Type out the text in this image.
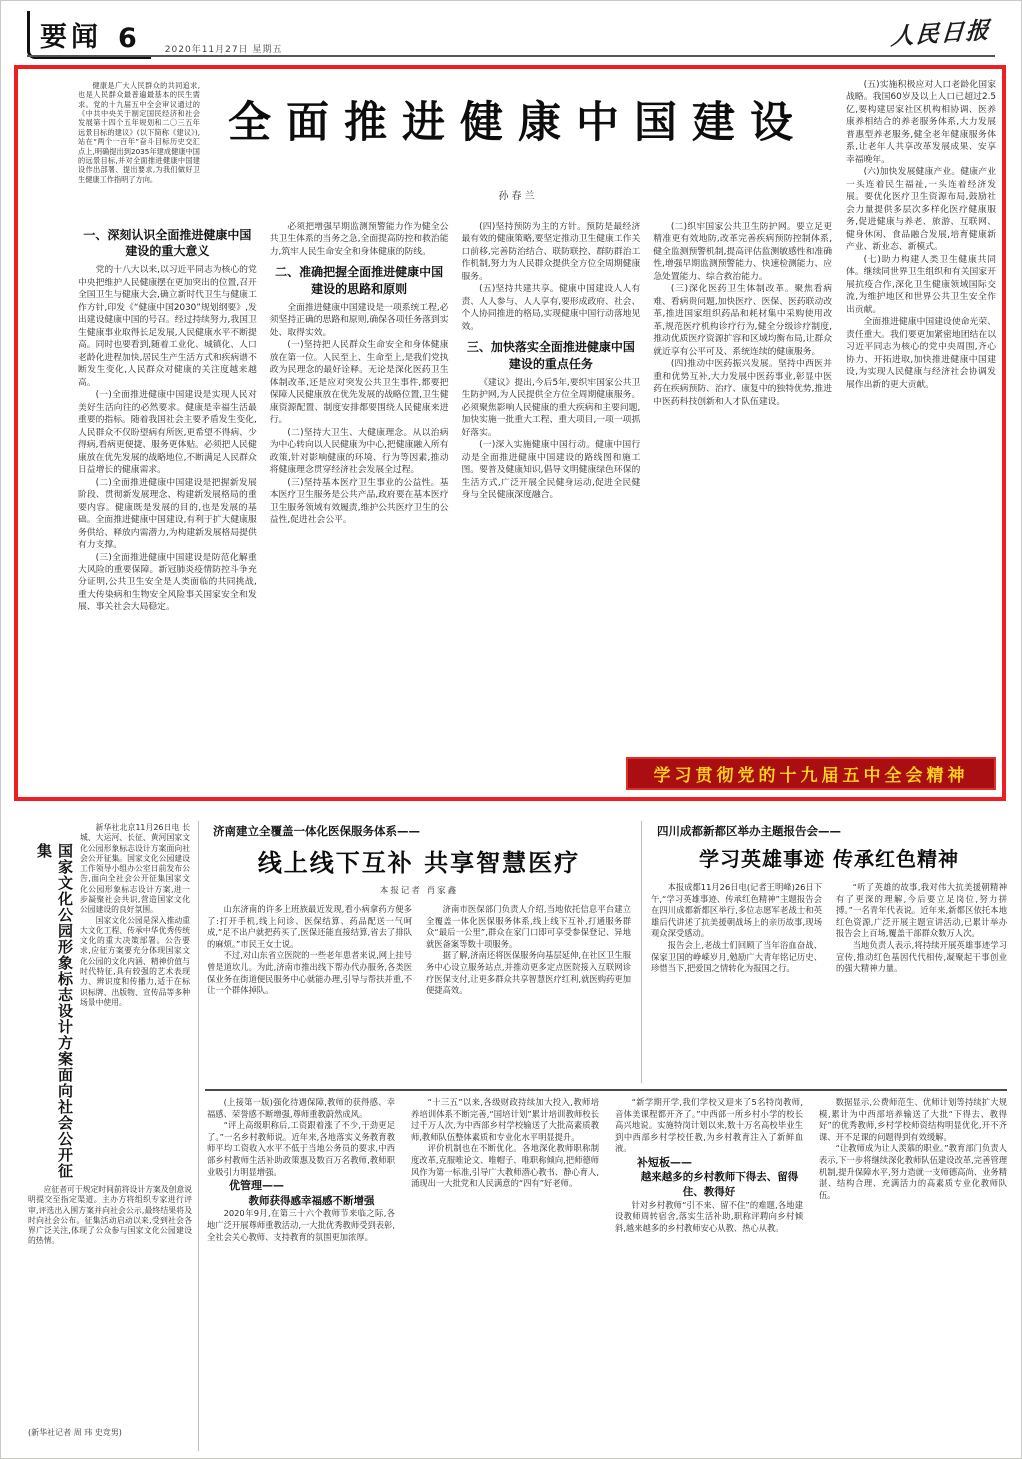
要闻 6	2020年11月27日 星期五	人民日报

健康是广大人民群众的共同追求,也是人民群众最普遍最基本的民生需求。党的十九届五中全会审议通过的《中共中央关于制定国民经济和社会发展第十四个五年规划和二〇三五年远景目标的建议》(以下简称《建议》),站在“两个一百年”奋斗目标历史交汇点上,明确提出到2035年建成健康中国的远景目标,并对全面推进健康中国建设作出部署、提出要求,为我们做好卫生健康工作指明了方向。

全面推进健康中国建设
孙春兰
一、深刻认识全面推进健康中国建设的重大意义

党的十八大以来,以习近平同志为核心的党中央把维护人民健康摆在更加突出的位置,召开全国卫生与健康大会,确立新时代卫生与健康工作方针,印发《“健康中国2030”规划纲要》,发出建设健康中国的号召。经过持续努力,我国卫生健康事业取得长足发展,人民健康水平不断提高。同时也要看到,随着工业化、城镇化、人口老龄化进程加快,居民生产生活方式和疾病谱不断发生变化,人民群众对健康的关注度越来越高。

(一)全面推进健康中国建设是实现人民对美好生活向往的必然要求。健康是幸福生活最重要的指标。随着我国社会主要矛盾发生变化,人民群众不仅盼望病有所医,更希望不得病、少得病,看病更便捷、服务更体贴。必须把人民健康放在优先发展的战略地位,不断满足人民群众日益增长的健康需求。

(二)全面推进健康中国建设是把握新发展阶段、贯彻新发展理念、构建新发展格局的重要内容。健康既是发展的目的,也是发展的基础。全面推进健康中国建设,有利于扩大健康服务供给、释放内需潜力,为构建新发展格局提供有力支撑。

(三)全面推进健康中国建设是防范化解重大风险的重要保障。新冠肺炎疫情防控斗争充分证明,公共卫生安全是人类面临的共同挑战,重大传染病和生物安全风险事关国家安全和发展、事关社会大局稳定。

必须把增强早期监测预警能力作为健全公共卫生体系的当务之急,全面提高防控和救治能力,筑牢人民生命安全和身体健康的防线。

二、准确把握全面推进健康中国建设的思路和原则

全面推进健康中国建设是一项系统工程,必须坚持正确的思路和原则,确保各项任务落到实处、取得实效。

(一)坚持把人民群众生命安全和身体健康放在第一位。人民至上、生命至上,是我们党执政为民理念的最好诠释。无论是深化医药卫生体制改革,还是应对突发公共卫生事件,都要把保障人民健康放在优先发展的战略位置,卫生健康资源配置、制度安排都要围绕人民健康来进行。

(二)坚持大卫生、大健康理念。从以治病为中心转向以人民健康为中心,把健康融入所有政策,针对影响健康的环境、行为等因素,推动将健康理念贯穿经济社会发展全过程。

(三)坚持基本医疗卫生事业的公益性。基本医疗卫生服务是公共产品,政府要在基本医疗卫生服务领域有效履责,维护公共医疗卫生的公益性,促进社会公平。

(四)坚持预防为主的方针。预防是最经济最有效的健康策略,要坚定推动卫生健康工作关口前移,完善防治结合、联防联控、群防群治工作机制,努力为人民群众提供全方位全周期健康服务。

(五)坚持共建共享。健康中国建设人人有责、人人参与、人人享有,要形成政府、社会、个人协同推进的格局,实现健康中国行动落地见效。

三、加快落实全面推进健康中国建设的重点任务

《建议》提出,今后5年,要织牢国家公共卫生防护网,为人民提供全方位全周期健康服务。必须聚焦影响人民健康的重大疾病和主要问题,加快实施一批重大工程、重大项目,一项一项抓好落实。

(一)深入实施健康中国行动。健康中国行动是全面推进健康中国建设的路线图和施工图。要普及健康知识,倡导文明健康绿色环保的生活方式,广泛开展全民健身运动,促进全民健身与全民健康深度融合。

(二)织牢国家公共卫生防护网。要立足更精准更有效地防,改革完善疾病预防控制体系,健全监测预警机制,提高评估监测敏感性和准确性,增强早期监测预警能力、快速检测能力、应急处置能力、综合救治能力。

(三)深化医药卫生体制改革。聚焦看病难、看病贵问题,加快医疗、医保、医药联动改革,推进国家组织药品和耗材集中采购使用改革,规范医疗机构诊疗行为,健全分级诊疗制度,推动优质医疗资源扩容和区域均衡布局,让群众就近享有公平可及、系统连续的健康服务。

(四)推动中医药振兴发展。坚持中西医并重和优势互补,大力发展中医药事业,彰显中医药在疾病预防、治疗、康复中的独特优势,推进中医药科技创新和人才队伍建设。

(五)实施积极应对人口老龄化国家战略。我国60岁及以上人口已超过2.5亿,要构建居家社区机构相协调、医养康养相结合的养老服务体系,大力发展普惠型养老服务,健全老年健康服务体系,让老年人共享改革发展成果、安享幸福晚年。

(六)加快发展健康产业。健康产业一头连着民生福祉,一头连着经济发展。要优化医疗卫生资源布局,鼓励社会力量提供多层次多样化医疗健康服务,促进健康与养老、旅游、互联网、健身休闲、食品融合发展,培育健康新产业、新业态、新模式。

(七)助力构建人类卫生健康共同体。继续同世界卫生组织和有关国家开展抗疫合作,深化卫生健康领域国际交流,为维护地区和世界公共卫生安全作出贡献。

全面推进健康中国建设使命光荣、责任重大。我们要更加紧密地团结在以习近平同志为核心的党中央周围,齐心协力、开拓进取,加快推进健康中国建设,为实现人民健康与经济社会协调发展作出新的更大贡献。

学习贯彻党的十九届五中全会精神
国家文化公园形象标志设计方案面向社会公开征集

新华社北京11月26日电 长城、大运河、长征、黄河国家文化公园形象标志设计方案面向社会公开征集。国家文化公园建设工作领导小组办公室日前发布公告,面向全社会公开征集国家文化公园形象标志设计方案,进一步凝聚社会共识,营造国家文化公园建设的良好氛围。

国家文化公园是深入推动重大文化工程、传承中华优秀传统文化的重大决策部署。公告要求,应征方案要充分体现国家文化公园的文化内涵、精神价值与时代特征,具有较强的艺术表现力、辨识度和传播力,适于在标识标牌、出版物、宣传品等多种场景中使用。

应征者可于规定时间前将设计方案及创意说明提交至指定渠道。主办方将组织专家进行评审,评选出入围方案并向社会公示,最终结果将及时向社会公布。征集活动启动以来,受到社会各界广泛关注,体现了公众参与国家文化公园建设的热情。

(新华社记者 周 玮 史竞男)
济南建立全覆盖一体化医保服务体系——
线上线下互补 共享智慧医疗
本报记者 肖家鑫

山东济南的许多上班族最近发现,看小病拿药方便多了:打开手机,线上问诊、医保结算、药品配送一气呵成,“足不出户就把药买了,医保还能直接结算,省去了排队的麻烦。”市民王女士说。

不过,对山东省立医院的一些老年患者来说,网上挂号曾是道坎儿。为此,济南市推出线下帮办代办服务,各类医保业务在街道便民服务中心就能办理,引导与帮扶并重,不让一个群体掉队。

济南市医保部门负责人介绍,当地依托信息平台建立全覆盖一体化医保服务体系,线上线下互补,打通服务群众“最后一公里”,群众在家门口即可享受参保登记、异地就医备案等数十项服务。

据了解,济南还将医保服务向基层延伸,在社区卫生服务中心设立服务站点,并推动更多定点医院接入互联网诊疗医保支付,让更多群众共享智慧医疗红利,就医购药更加便捷高效。

四川成都新都区举办主题报告会——
学习英雄事迹 传承红色精神

本报成都11月26日电(记者王明峰)26日下午,“学习英雄事迹、传承红色精神”主题报告会在四川成都新都区举行,多位志愿军老战士和英雄后代讲述了抗美援朝战场上的亲历故事,现场观众深受感动。

报告会上,老战士们回顾了当年浴血奋战、保家卫国的峥嵘岁月,勉励广大青年铭记历史、珍惜当下,把爱国之情转化为报国之行。

“听了英雄的故事,我对伟大抗美援朝精神有了更深的理解,今后要立足岗位,努力拼搏。”一名青年代表说。近年来,新都区依托本地红色资源,广泛开展主题宣讲活动,已累计举办报告会上百场,覆盖干部群众数万人次。

当地负责人表示,将持续开展英雄事迹学习宣传,推动红色基因代代相传,凝聚起干事创业的强大精神力量。

(上接第一版)强化待遇保障,教师的获得感、幸福感、荣誉感不断增强,尊师重教蔚然成风。

“评上高级职称后,工资跟着涨了不少,干劲更足了。”一名乡村教师说。近年来,各地落实义务教育教师平均工资收入水平不低于当地公务员的要求,中西部乡村教师生活补助政策惠及数百万名教师,教师职业吸引力明显增强。

优管理——

教师获得感幸福感不断增强

2020年9月,在第三十六个教师节来临之际,各地广泛开展尊师重教活动,一大批优秀教师受到表彰,全社会关心教师、支持教育的氛围更加浓厚。

“十三五”以来,各级财政持续加大投入,教师培养培训体系不断完善,“国培计划”累计培训教师校长过千万人次,为中西部乡村学校输送了大批高素质教师,教师队伍整体素质和专业化水平明显提升。

评价机制也在不断优化。各地深化教师职称制度改革,克服唯论文、唯帽子、唯职称倾向,把师德师风作为第一标准,引导广大教师潜心教书、静心育人,涌现出一大批党和人民满意的“四有”好老师。

“新学期开学,我们学校又迎来了5名特岗教师,音体美课程都开齐了。”中西部一所乡村小学的校长高兴地说。实施特岗计划以来,数十万名高校毕业生到中西部乡村学校任教,为乡村教育注入了新鲜血液。

补短板——

越来越多的乡村教师下得去、留得住、教得好

针对乡村教师“引不来、留不住”的难题,各地建设教师周转宿舍,落实生活补助,职称评聘向乡村倾斜,越来越多的乡村教师安心从教、热心从教。

数据显示,公费师范生、优师计划等持续扩大规模,累计为中西部培养输送了大批“下得去、教得好”的优秀教师,乡村学校师资结构明显优化,开不齐课、开不足课的问题得到有效缓解。

“让教师成为让人羡慕的职业。”教育部门负责人表示,下一步将继续深化教师队伍建设改革,完善管理机制,提升保障水平,努力造就一支师德高尚、业务精湛、结构合理、充满活力的高素质专业化教师队伍。
